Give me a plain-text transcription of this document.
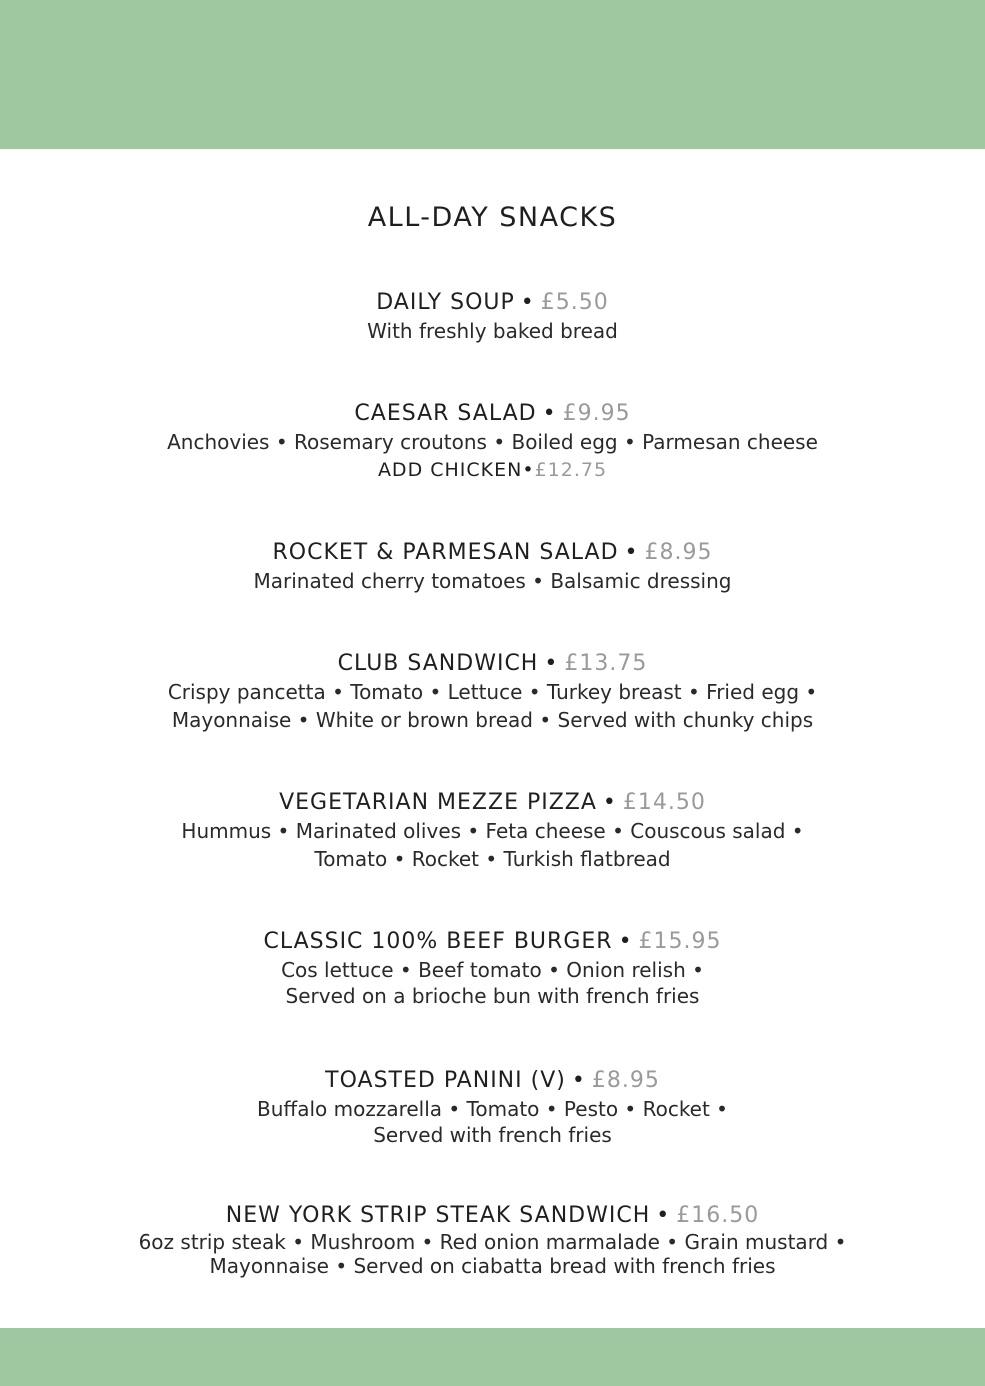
ALL-DAY SNACKS
DAILY SOUP • £5.50
With freshly baked bread
CAESAR SALAD • £9.95
Anchovies • Rosemary croutons • Boiled egg • Parmesan cheese
ADD CHICKEN•£12.75
ROCKET & PARMESAN SALAD • £8.95
Marinated cherry tomatoes • Balsamic dressing
CLUB SANDWICH • £13.75
Crispy pancetta • Tomato • Lettuce • Turkey breast • Fried egg •
Mayonnaise • White or brown bread • Served with chunky chips
VEGETARIAN MEZZE PIZZA • £14.50
Hummus • Marinated olives • Feta cheese • Couscous salad •
Tomato • Rocket • Turkish flatbread
CLASSIC 100% BEEF BURGER • £15.95
Cos lettuce • Beef tomato • Onion relish •
Served on a brioche bun with french fries
TOASTED PANINI (V) • £8.95
Buffalo mozzarella • Tomato • Pesto • Rocket •
Served with french fries
NEW YORK STRIP STEAK SANDWICH • £16.50
6oz strip steak • Mushroom • Red onion marmalade • Grain mustard •
Mayonnaise • Served on ciabatta bread with french fries
